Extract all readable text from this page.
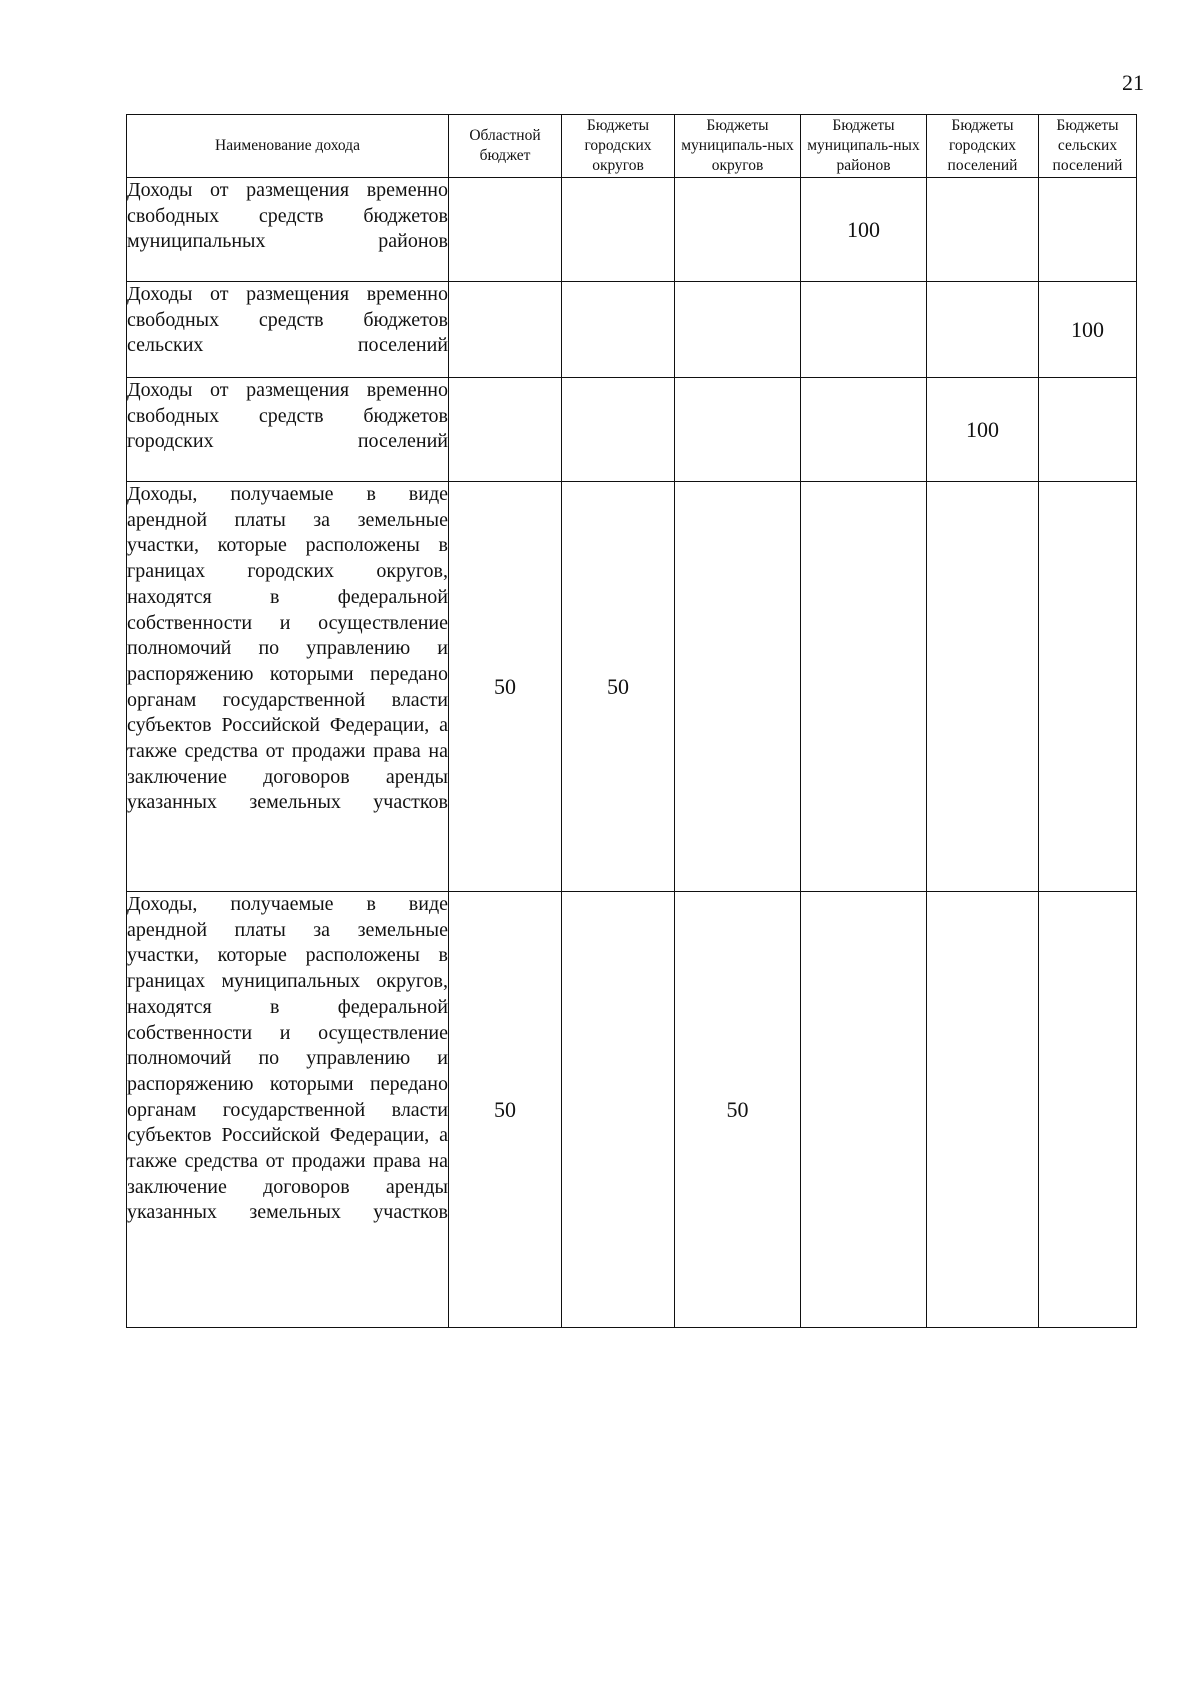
21
Наименование дохода	Областной бюджет	Бюджеты городских округов	Бюджеты муниципаль-ных округов	Бюджеты муниципаль-ных районов	Бюджеты городских поселений	Бюджеты сельских поселений

Доходы от размещения временно свободных средств бюджетов муниципальных районов				100		

Доходы от размещения временно свободных средств бюджетов сельских поселений						100

Доходы от размещения временно свободных средств бюджетов городских поселений					100	

Доходы, получаемые в виде арендной платы за земельные участки, которые расположены в границах городских округов, находятся в федеральной собственности и осуществление полномочий по управлению и распоряжению которыми передано органам государственной власти субъектов Российской Федерации, а также средства от продажи права на заключение договоров аренды указанных земельных участков	50	50				

Доходы, получаемые в виде арендной платы за земельные участки, которые расположены в границах муниципальных округов, находятся в федеральной собственности и осуществление полномочий по управлению и распоряжению которыми передано органам государственной власти субъектов Российской Федерации, а также средства от продажи права на заключение договоров аренды указанных земельных участков	50		50			
